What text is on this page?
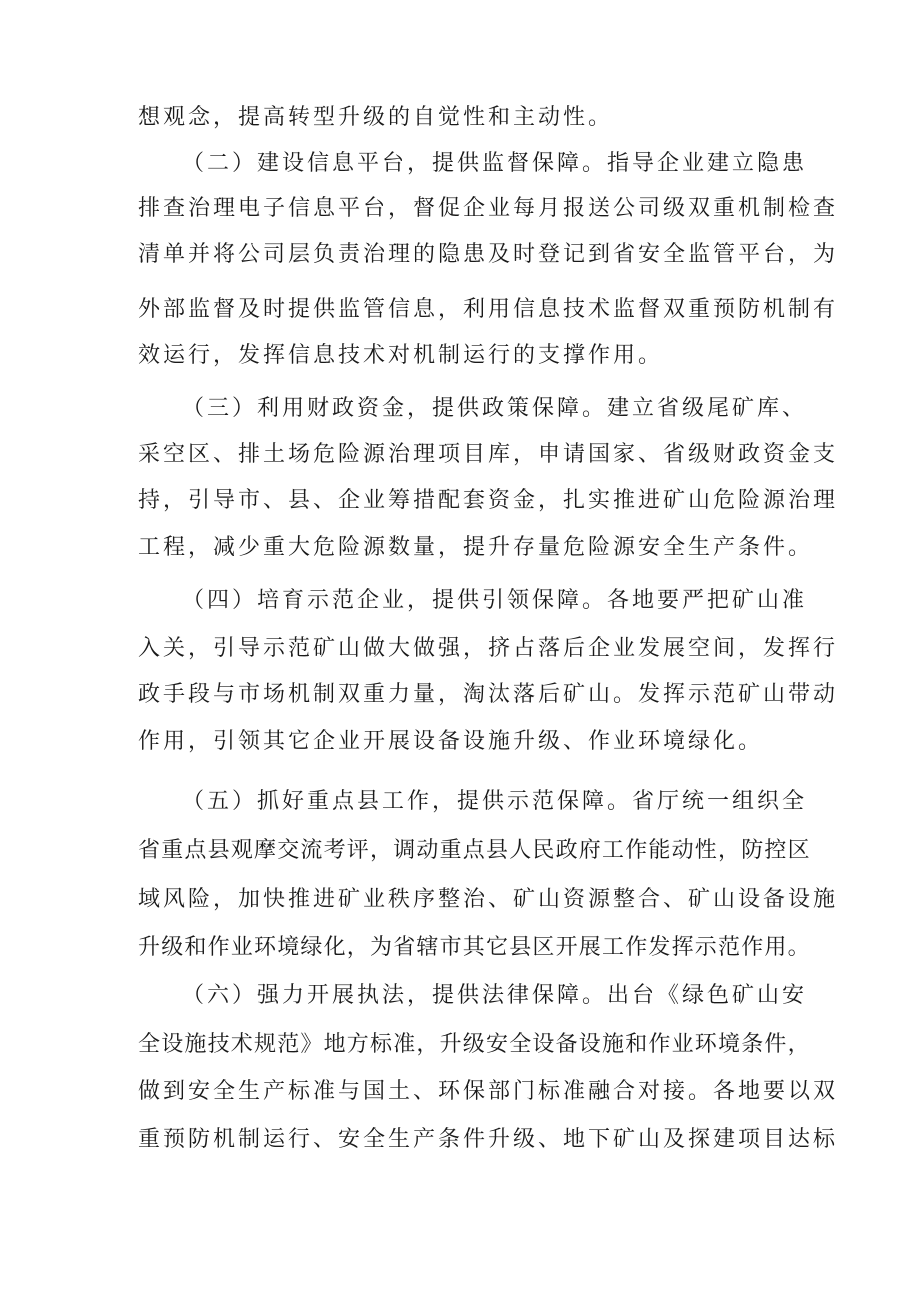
想观念，提高转型升级的自觉性和主动性。
（二）建设信息平台，提供监督保障。指导企业建立隐患
排查治理电子信息平台，督促企业每月报送公司级双重机制检查
清单并将公司层负责治理的隐患及时登记到省安全监管平台，为
外部监督及时提供监管信息，利用信息技术监督双重预防机制有
效运行，发挥信息技术对机制运行的支撑作用。
（三）利用财政资金，提供政策保障。建立省级尾矿库、
采空区、排土场危险源治理项目库，申请国家、省级财政资金支
持，引导市、县、企业筹措配套资金，扎实推进矿山危险源治理
工程，减少重大危险源数量，提升存量危险源安全生产条件。
（四）培育示范企业，提供引领保障。各地要严把矿山准
入关，引导示范矿山做大做强，挤占落后企业发展空间，发挥行
政手段与市场机制双重力量，淘汰落后矿山。发挥示范矿山带动
作用，引领其它企业开展设备设施升级、作业环境绿化。
（五）抓好重点县工作，提供示范保障。省厅统一组织全
省重点县观摩交流考评，调动重点县人民政府工作能动性，防控区
域风险，加快推进矿业秩序整治、矿山资源整合、矿山设备设施
升级和作业环境绿化，为省辖市其它县区开展工作发挥示范作用。
（六）强力开展执法，提供法律保障。出台《绿色矿山安
全设施技术规范》地方标准，升级安全设备设施和作业环境条件，
做到安全生产标准与国土、环保部门标准融合对接。各地要以双
重预防机制运行、安全生产条件升级、地下矿山及探建项目达标
